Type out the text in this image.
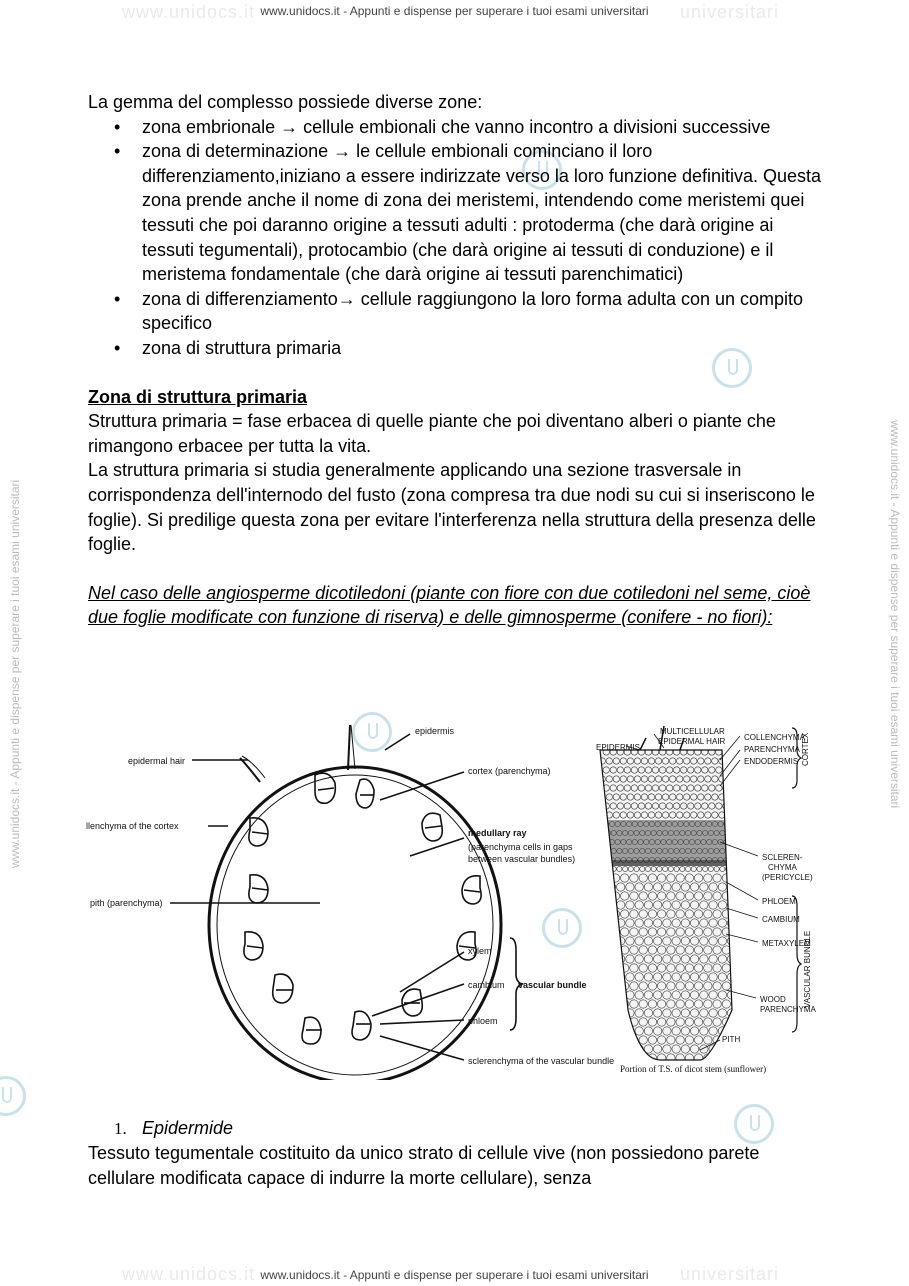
www.unidocs.it	universitari
www.unidocs.it - Appunti e dispense per superare i tuoi esami universitari
www.unidocs.it	universitari
www.unidocs.it - Appunti e dispense per superare i tuoi esami universitari
www.unidocs.it - Appunti e dispense per superare i tuoi esami universitari	www.unidocs.it - Appunti e dispense per superare i tuoi esami universitari

La gemma del complesso possiede diverse zone:

• zona embrionale → cellule embionali che vanno incontro a divisioni successive
• zona di determinazione → le cellule embionali cominciano il loro differenziamento,iniziano a essere indirizzate verso la loro funzione definitiva. Questa zona prende anche il nome di zona dei meristemi, intendendo come meristemi quei tessuti che poi daranno origine a tessuti adulti : protoderma (che darà origine ai tessuti tegumentali), protocambio (che darà origine ai tessuti di conduzione) e il meristema fondamentale (che darà origine ai tessuti parenchimatici)
• zona di differenziamento→ cellule raggiungono la loro forma adulta con un compito specifico
• zona di struttura primaria

Zona di struttura primaria

Struttura primaria = fase erbacea di quelle piante che poi diventano alberi o piante che rimangono erbacee per tutta la vita.

La struttura primaria si studia generalmente applicando una sezione trasversale in corrispondenza dell'internodo del fusto (zona compresa tra due nodi su cui si inseriscono le foglie). Si predilige questa zona per evitare l'interferenza nella struttura della presenza delle foglie.

Nel caso delle angiosperme dicotiledoni (piante con fiore con due cotiledoni nel seme, cioè due foglie modificate con funzione di riserva) e delle gimnosperme (conifere - no fiori):

epidermis
epidermal hair
cortex (parenchyma)
llenchyma of the cortex
medullary ray
(parenchyma cells in gaps
between vascular bundles)
pith (parenchyma)
xylem
cambium vascular bundle
phloem
sclerenchyma of the vascular bundle
MULTICELLULAR
EPIDERMAL HAIR
EPIDERMIS
COLLENCHYMA
PARENCHYMA
ENDODERMIS CORTEX
SCLEREN-
CHYMA
(PERICYCLE)
PHLOEM
CAMBIUM
METAXYLEM
VASCULAR BUNDLE
WOOD
PARENCHYMA
PITH
Portion of T.S. of dicot stem (sunflower)
1. Epidermide
Tessuto tegumentale costituito da unico strato di cellule vive (non possiedono parete cellulare modificata capace di indurre la morte cellulare), senza
